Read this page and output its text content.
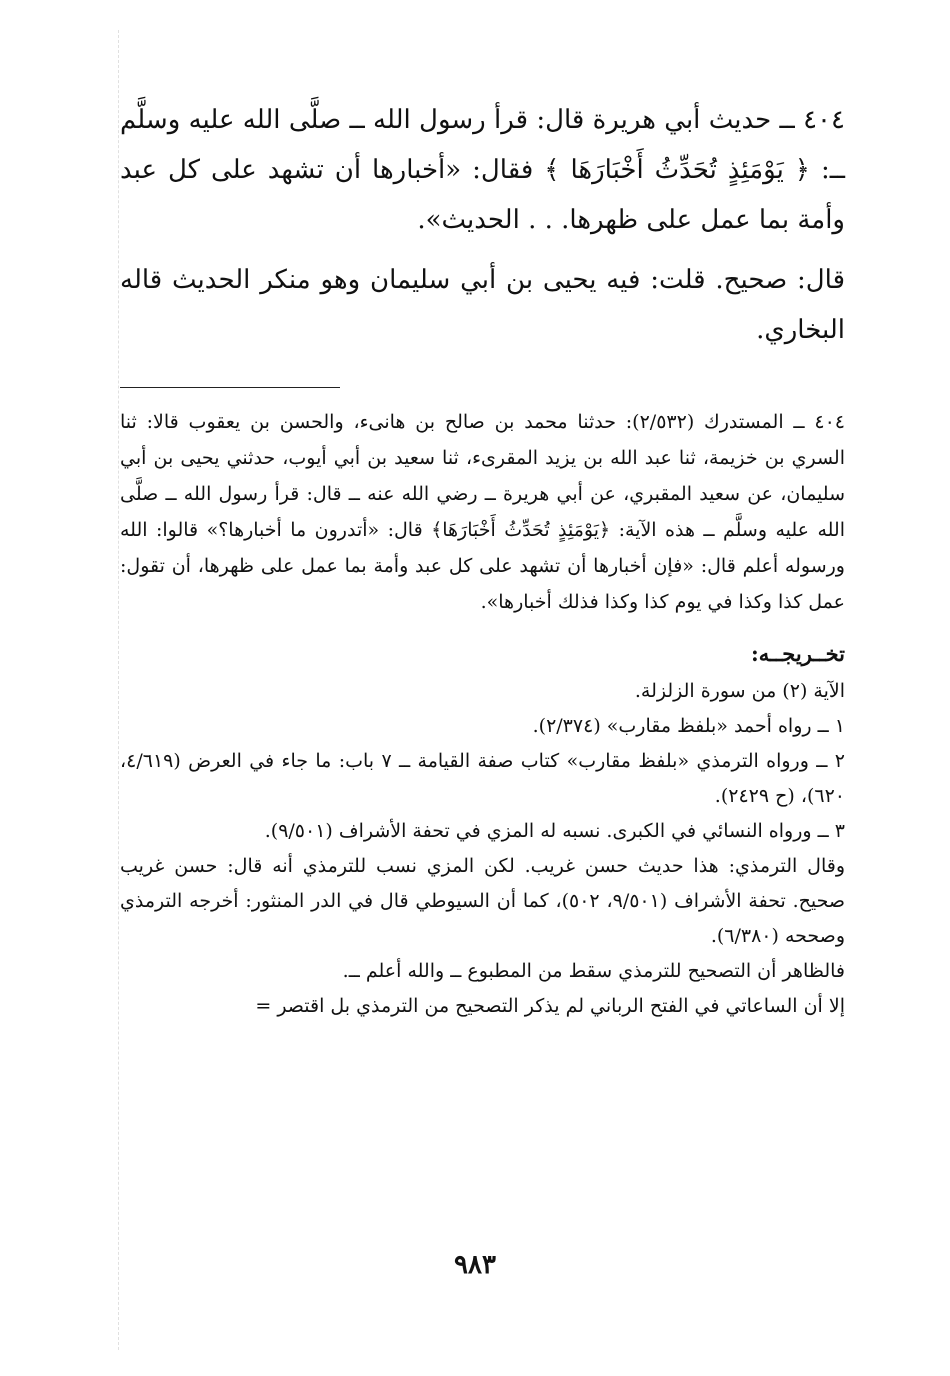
٤٠٤ ــ حديث أبي هريرة قال: قرأ رسول الله ــ صلَّى الله عليه وسلَّم ــ: ﴿ يَوْمَئِذٍ تُحَدِّثُ أَخْبَارَهَا ﴾ فقال: «أخبارها أن تشهد على كل عبد وأمة بما عمل على ظهرها. . . الحديث».

قال: صحيح. قلت: فيه يحيى بن أبي سليمان وهو منكر الحديث قاله البخاري.

٤٠٤ ــ المستدرك (٢/٥٣٢): حدثنا محمد بن صالح بن هانىء، والحسن بن يعقوب قالا: ثنا السري بن خزيمة، ثنا عبد الله بن يزيد المقرىء، ثنا سعيد بن أبي أيوب، حدثني يحيى بن أبي سليمان، عن سعيد المقبري، عن أبي هريرة ــ رضي الله عنه ــ قال: قرأ رسول الله ــ صلَّى الله عليه وسلَّم ــ هذه الآية: ﴿يَوْمَئِذٍ تُحَدِّثُ أَخْبَارَهَا﴾ قال: «أتدرون ما أخبارها؟» قالوا: الله ورسوله أعلم قال: «فإن أخبارها أن تشهد على كل عبد وأمة بما عمل على ظهرها، أن تقول: عمل كذا وكذا في يوم كذا وكذا فذلك أخبارها».

تخــريجــه:

الآية (٢) من سورة الزلزلة.

١ ــ رواه أحمد «بلفظ مقارب» (٢/٣٧٤).

٢ ــ ورواه الترمذي «بلفظ مقارب» كتاب صفة القيامة ــ ٧ باب: ما جاء في العرض (٤/٦١٩، ٦٢٠)، (ح ٢٤٢٩).

٣ ــ ورواه النسائي في الكبرى. نسبه له المزي في تحفة الأشراف (٩/٥٠١).

وقال الترمذي: هذا حديث حسن غريب. لكن المزي نسب للترمذي أنه قال: حسن غريب صحيح. تحفة الأشراف (٩/٥٠١، ٥٠٢)، كما أن السيوطي قال في الدر المنثور: أخرجه الترمذي وصححه (٦/٣٨٠).

فالظاهر أن التصحيح للترمذي سقط من المطبوع ــ والله أعلم ــ.

إلا أن الساعاتي في الفتح الرباني لم يذكر التصحيح من الترمذي بل اقتصر =

٩٨٣
